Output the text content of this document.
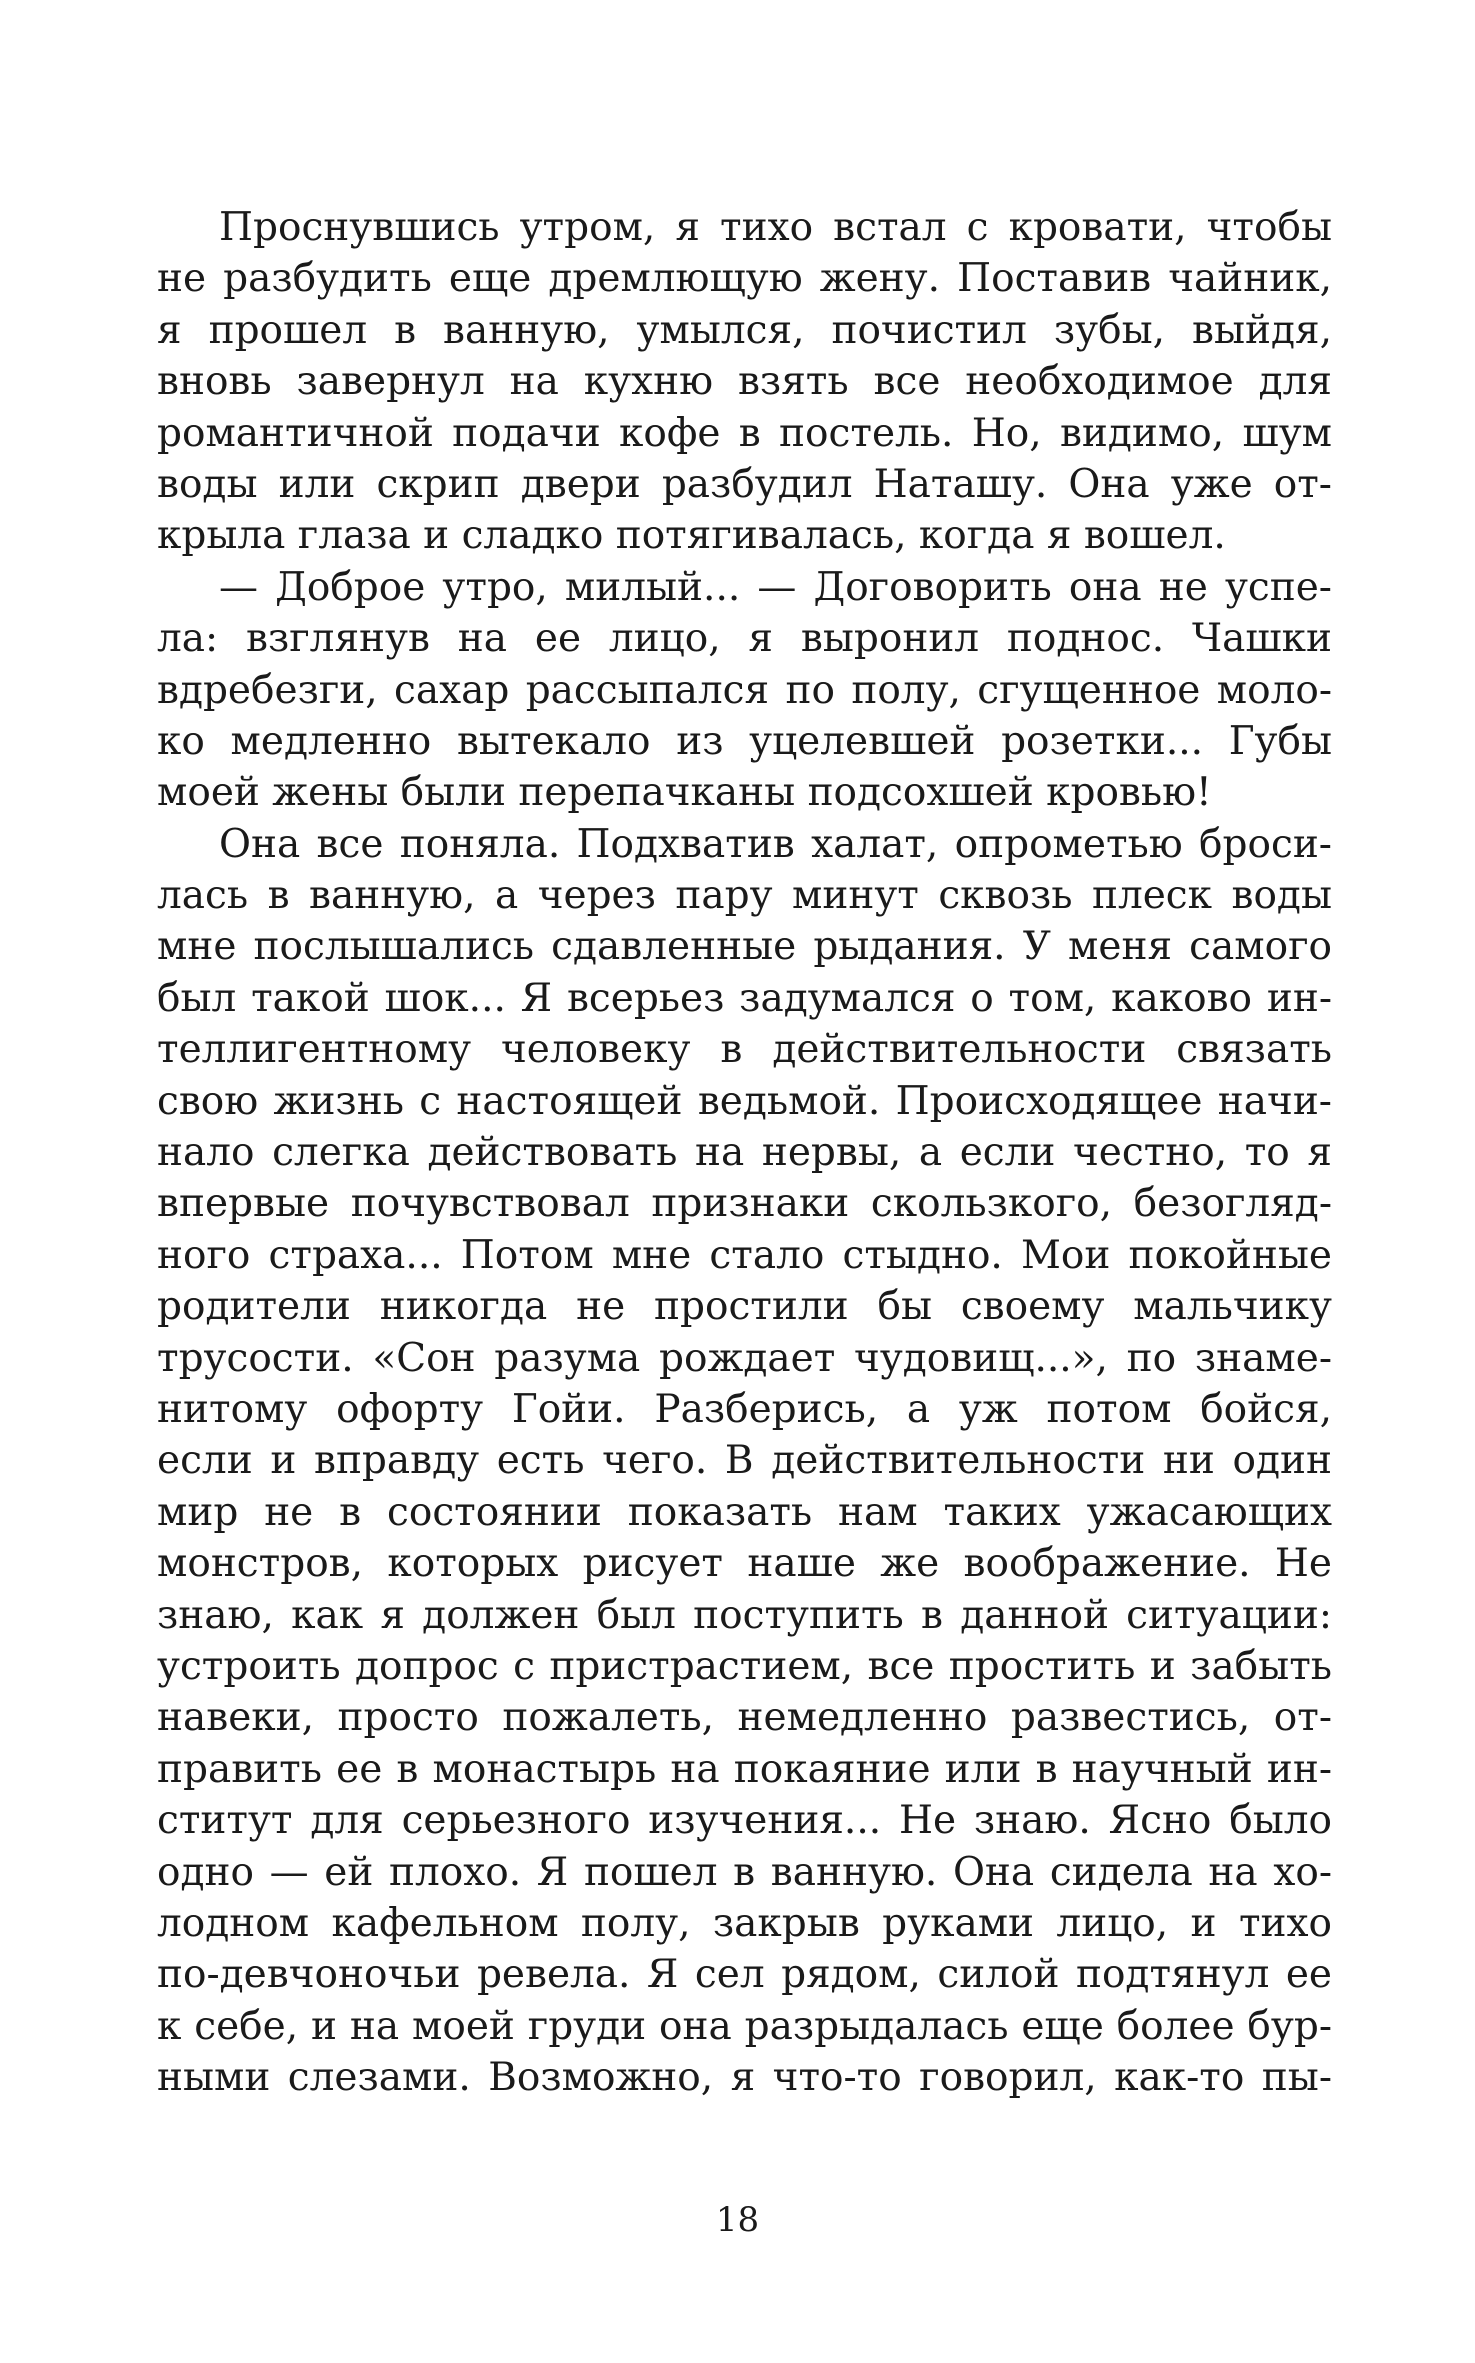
Проснувшись утром, я тихо встал с кровати, чтобы
не разбудить еще дремлющую жену. Поставив чайник,
я прошел в ванную, умылся, почистил зубы, выйдя,
вновь завернул на кухню взять все необходимое для
романтичной подачи кофе в постель. Но, видимо, шум
воды или скрип двери разбудил Наташу. Она уже от-
крыла глаза и сладко потягивалась, когда я вошел.
— Доброе утро, милый... — Договорить она не успе-
ла: взглянув на ее лицо, я выронил поднос. Чашки
вдребезги, сахар рассыпался по полу, сгущенное моло-
ко медленно вытекало из уцелевшей розетки... Губы
моей жены были перепачканы подсохшей кровью!
Она все поняла. Подхватив халат, опрометью броси-
лась в ванную, а через пару минут сквозь плеск воды
мне послышались сдавленные рыдания. У меня самого
был такой шок... Я всерьез задумался о том, каково ин-
теллигентному человеку в действительности связать
свою жизнь с настоящей ведьмой. Происходящее начи-
нало слегка действовать на нервы, а если честно, то я
впервые почувствовал признаки скользкого, безогляд-
ного страха... Потом мне стало стыдно. Мои покойные
родители никогда не простили бы своему мальчику
трусости. «Сон разума рождает чудовищ...», по знаме-
нитому офорту Гойи. Разберись, а уж потом бойся,
если и вправду есть чего. В действительности ни один
мир не в состоянии показать нам таких ужасающих
монстров, которых рисует наше же воображение. Не
знаю, как я должен был поступить в данной ситуации:
устроить допрос с пристрастием, все простить и забыть
навеки, просто пожалеть, немедленно развестись, от-
править ее в монастырь на покаяние или в научный ин-
ститут для серьезного изучения... Не знаю. Ясно было
одно — ей плохо. Я пошел в ванную. Она сидела на хо-
лодном кафельном полу, закрыв руками лицо, и тихо
по-девчоночьи ревела. Я сел рядом, силой подтянул ее
к себе, и на моей груди она разрыдалась еще более бур-
ными слезами. Возможно, я что-то говорил, как-то пы-
18
